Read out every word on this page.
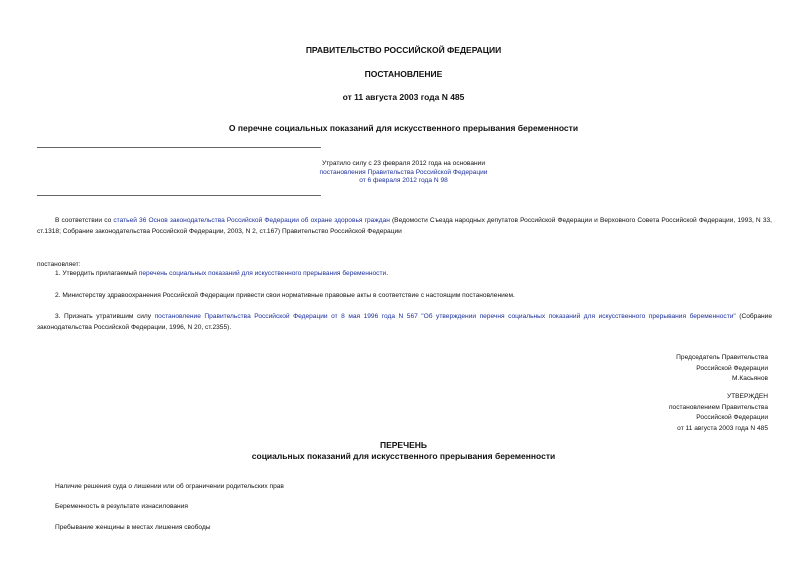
ПРАВИТЕЛЬСТВО РОССИЙСКОЙ ФЕДЕРАЦИИ
ПОСТАНОВЛЕНИЕ
от 11 августа 2003 года N 485
О перечне социальных показаний для искусственного прерывания беременности
Утратило силу с 23 февраля 2012 года на основании
постановления Правительства Российской Федерации
от 6 февраля 2012 года N 98
В соответствии со статьей 36 Основ законодательства Российской Федерации об охране здоровья граждан (Ведомости Съезда народных депутатов Российской Федерации и Верховного Совета Российской Федерации, 1993, N 33, ст.1318; Собрание законодательства Российской Федерации, 2003, N 2, ст.167) Правительство Российской Федерации
постановляет:
1. Утвердить прилагаемый перечень социальных показаний для искусственного прерывания беременности.
2. Министерству здравоохранения Российской Федерации привести свои нормативные правовые акты в соответствие с настоящим постановлением.
3. Признать утратившим силу постановление Правительства Российской Федерации от 8 мая 1996 года N 567 "Об утверждении перечня социальных показаний для искусственного прерывания беременности" (Собрание законодательства Российской Федерации, 1996, N 20, ст.2355).
Председатель Правительства
Российской Федерации
М.Касьянов
УТВЕРЖДЕН
постановлением Правительства
Российской Федерации
от 11 августа 2003 года N 485
ПЕРЕЧЕНЬ
социальных показаний для искусственного прерывания беременности
Наличие решения суда о лишении или об ограничении родительских прав
Беременность в результате изнасилования
Пребывание женщины в местах лишения свободы
